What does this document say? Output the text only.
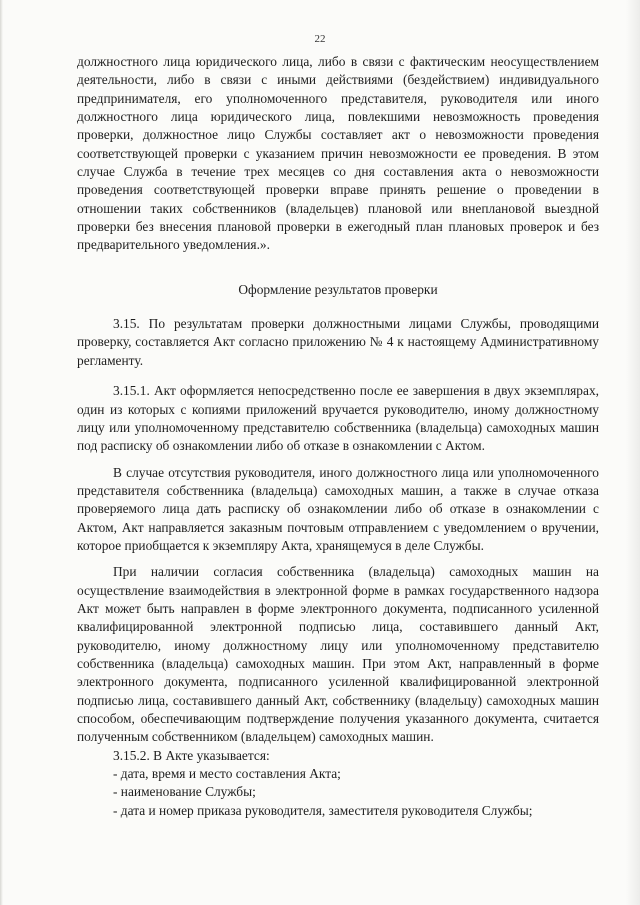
22

должностного лица юридического лица, либо в связи с фактическим неосуществлением деятельности, либо в связи с иными действиями (бездействием) индивидуального предпринимателя, его уполномоченного представителя, руководителя или иного должностного лица юридического лица, повлекшими невозможность проведения проверки, должностное лицо Службы составляет акт о невозможности проведения соответствующей проверки с указанием причин невозможности ее проведения. В этом случае Служба в течение трех месяцев со дня составления акта о невозможности проведения соответствующей проверки вправе принять решение о проведении в отношении таких собственников (владельцев) плановой или внеплановой выездной проверки без внесения плановой проверки в ежегодный план плановых проверок и без предварительного уведомления.».

Оформление результатов проверки

3.15. По результатам проверки должностными лицами Службы, проводящими проверку, составляется Акт согласно приложению № 4 к настоящему Административному регламенту.

3.15.1. Акт оформляется непосредственно после ее завершения в двух экземплярах, один из которых с копиями приложений вручается руководителю, иному должностному лицу или уполномоченному представителю собственника (владельца) самоходных машин под расписку об ознакомлении либо об отказе в ознакомлении с Актом.

В случае отсутствия руководителя, иного должностного лица или уполномоченного представителя собственника (владельца) самоходных машин, а также в случае отказа проверяемого лица дать расписку об ознакомлении либо об отказе в ознакомлении с Актом, Акт направляется заказным почтовым отправлением с уведомлением о вручении, которое приобщается к экземпляру Акта, хранящемуся в деле Службы.

При наличии согласия собственника (владельца) самоходных машин на осуществление взаимодействия в электронной форме в рамках государственного надзора Акт может быть направлен в форме электронного документа, подписанного усиленной квалифицированной электронной подписью лица, составившего данный Акт, руководителю, иному должностному лицу или уполномоченному представителю собственника (владельца) самоходных машин. При этом Акт, направленный в форме электронного документа, подписанного усиленной квалифицированной электронной подписью лица, составившего данный Акт, собственнику (владельцу) самоходных машин способом, обеспечивающим подтверждение получения указанного документа, считается полученным собственником (владельцем) самоходных машин.

3.15.2. В Акте указывается:

- дата, время и место составления Акта;

- наименование Службы;

- дата и номер приказа руководителя, заместителя руководителя Службы;
